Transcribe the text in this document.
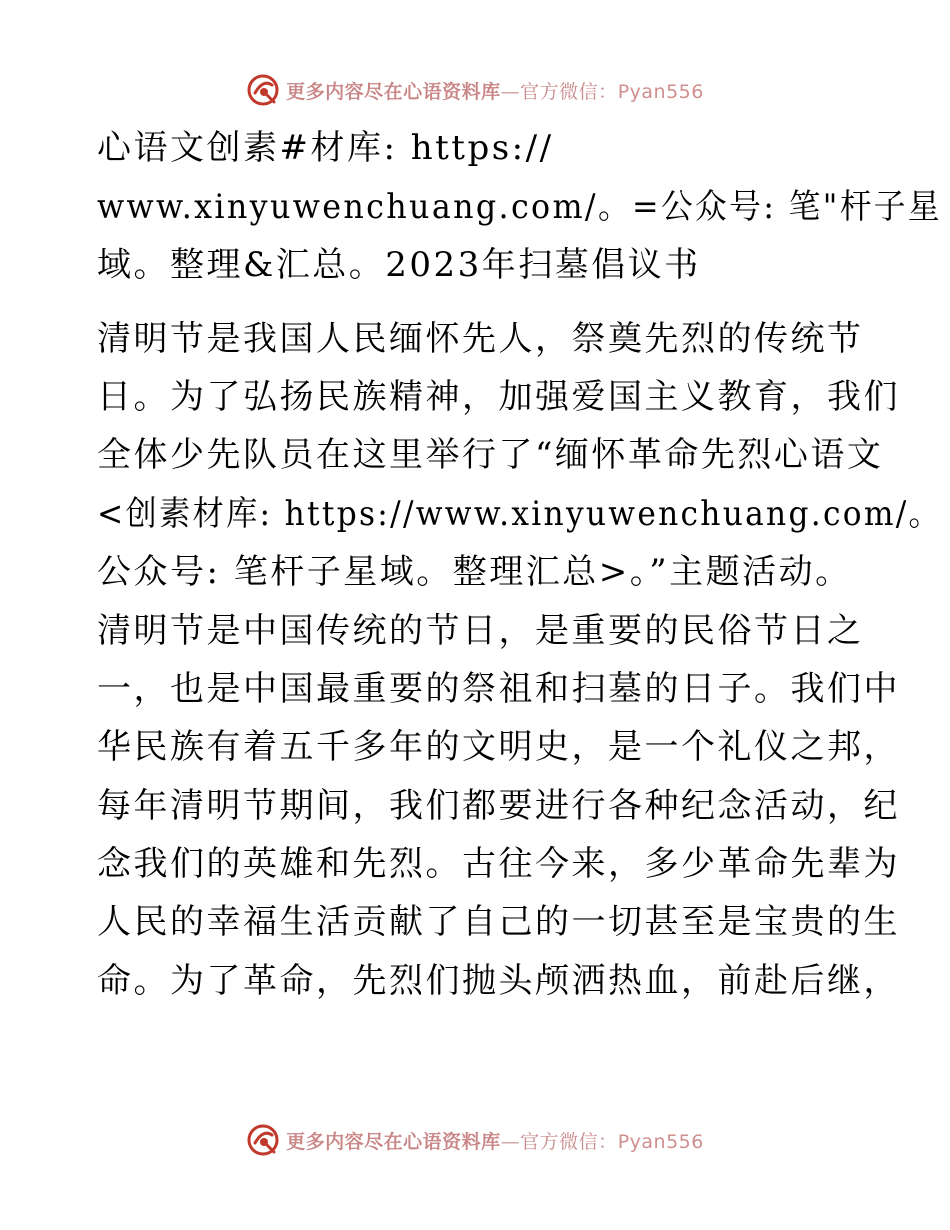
更多内容尽在心语资料库—官方微信：Pyan556
心语文创素#材库: https://
www.xinyuwenchuang.com/。=公众号: 笔"杆子星
域。整理&汇总。2023年扫墓倡议书
清明节是我国人民缅怀先人，祭奠先烈的传统节
日。为了弘扬民族精神，加强爱国主义教育，我们
全体少先队员在这里举行了“缅怀革命先烈心语文
<创素材库: https://www.xinyuwenchuang.com/。
公众号: 笔杆子星域。整理汇总>。”主题活动。
清明节是中国传统的节日，是重要的民俗节日之
一，也是中国最重要的祭祖和扫墓的日子。我们中
华民族有着五千多年的文明史，是一个礼仪之邦，
每年清明节期间，我们都要进行各种纪念活动，纪
念我们的英雄和先烈。古往今来，多少革命先辈为
人民的幸福生活贡献了自己的一切甚至是宝贵的生
命。为了革命，先烈们抛头颅洒热血，前赴后继，
更多内容尽在心语资料库—官方微信：Pyan556
